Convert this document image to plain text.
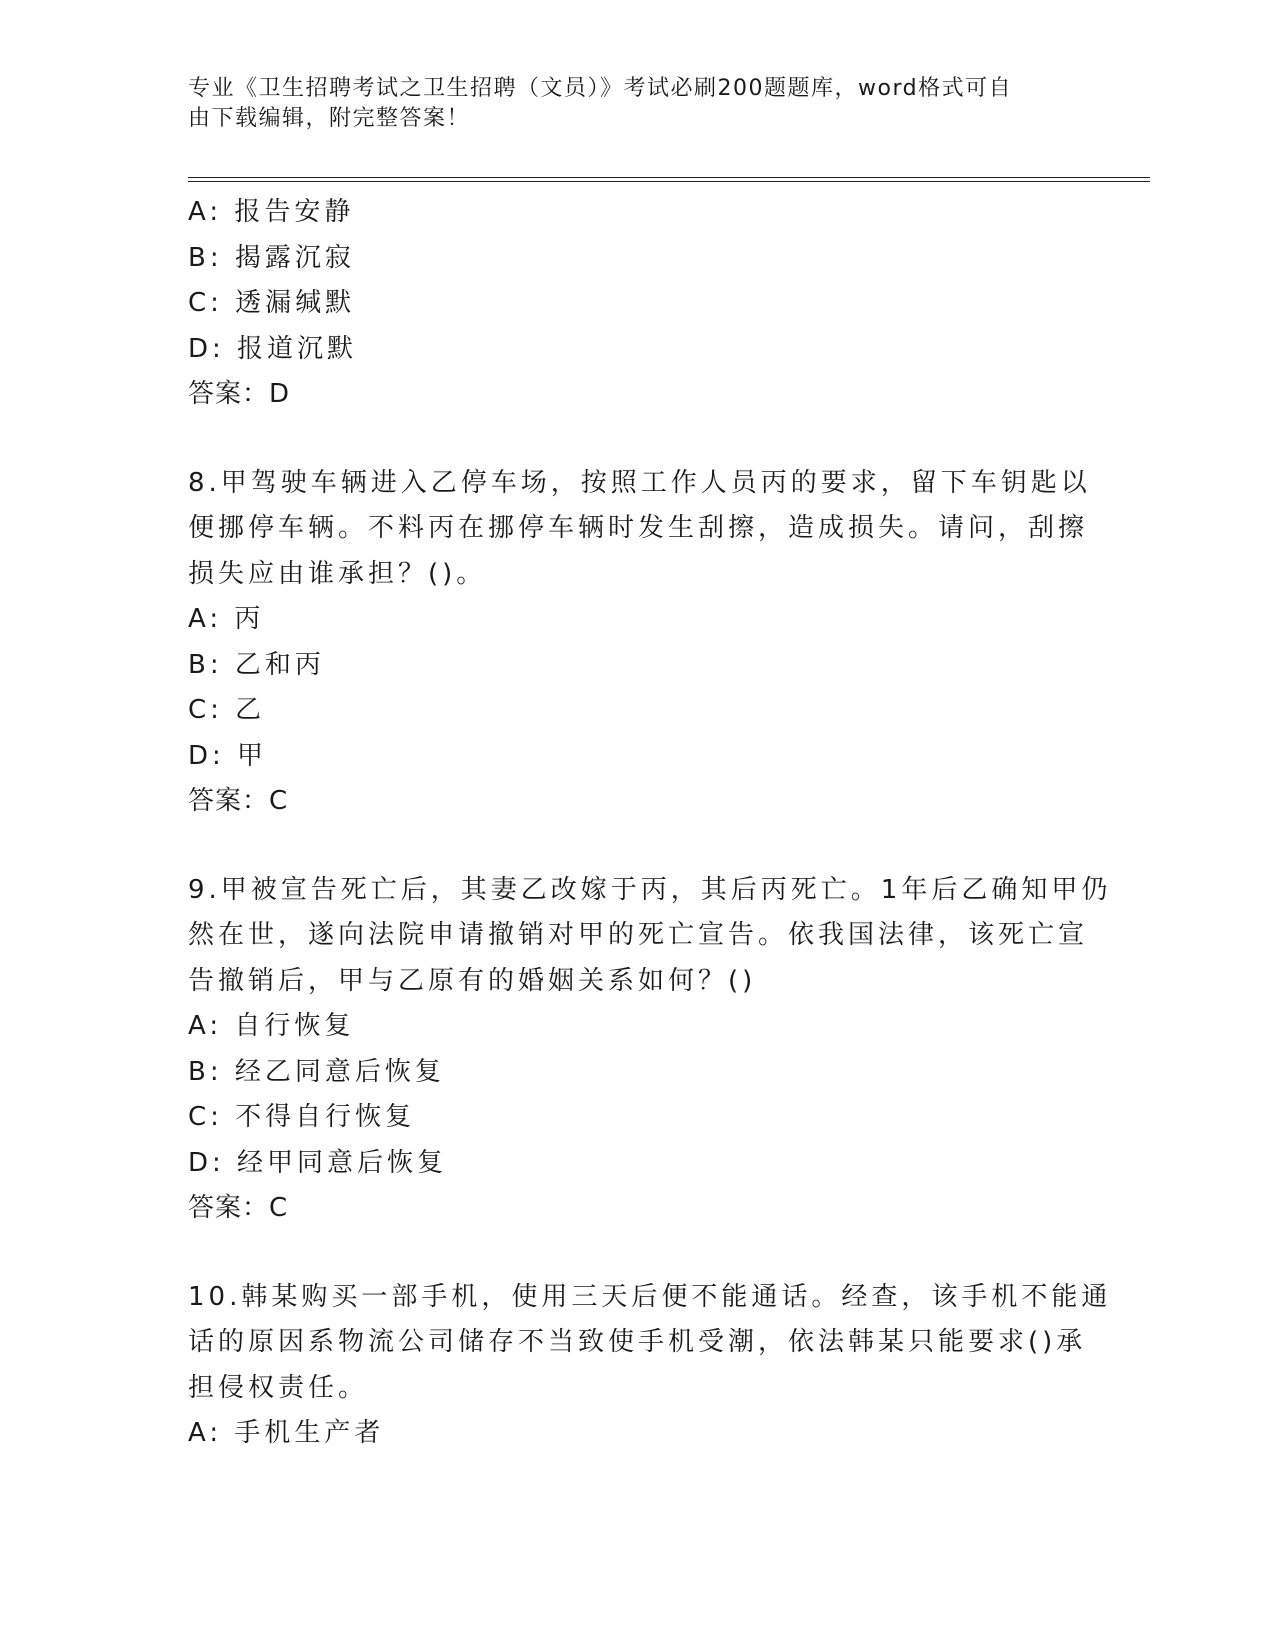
专业《卫生招聘考试之卫生招聘（文员）》考试必刷200题题库，word格式可自
由下载编辑，附完整答案！
A: 报告安静
B: 揭露沉寂
C: 透漏缄默
D: 报道沉默
答案：D
8.甲驾驶车辆进入乙停车场，按照工作人员丙的要求，留下车钥匙以
便挪停车辆。不料丙在挪停车辆时发生刮擦，造成损失。请问，刮擦
损失应由谁承担？()。
A: 丙
B: 乙和丙
C: 乙
D: 甲
答案：C
9.甲被宣告死亡后，其妻乙改嫁于丙，其后丙死亡。1年后乙确知甲仍
然在世，遂向法院申请撤销对甲的死亡宣告。依我国法律，该死亡宣
告撤销后，甲与乙原有的婚姻关系如何？()
A: 自行恢复
B: 经乙同意后恢复
C: 不得自行恢复
D: 经甲同意后恢复
答案：C
10.韩某购买一部手机，使用三天后便不能通话。经查，该手机不能通
话的原因系物流公司储存不当致使手机受潮，依法韩某只能要求()承
担侵权责任。
A: 手机生产者
